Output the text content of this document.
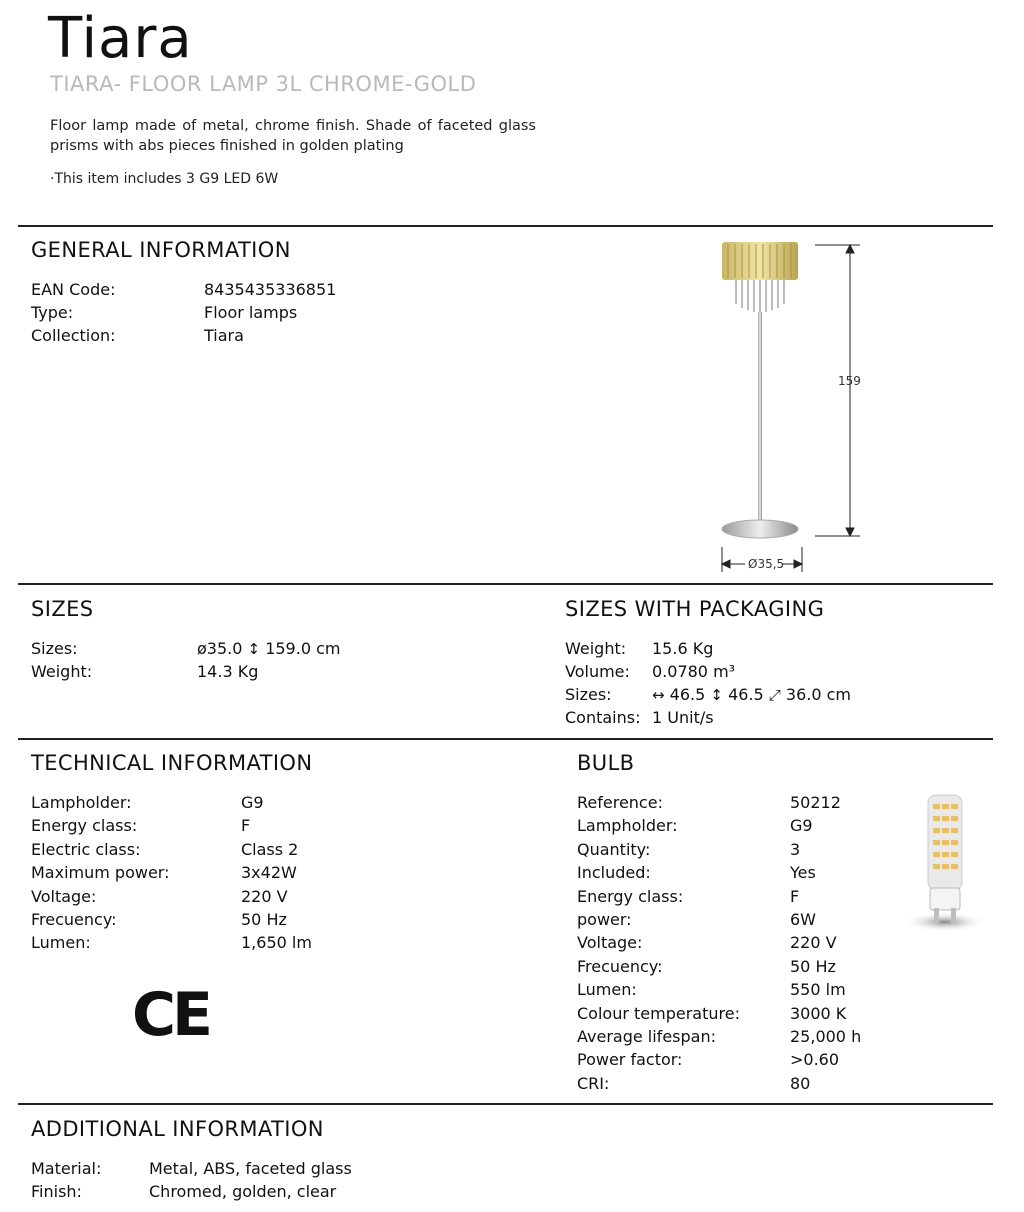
Tiara
TIARA- FLOOR LAMP 3L CHROME-GOLD
Floor lamp made of metal, chrome finish. Shade of faceted glass prisms with abs pieces finished in golden plating
·This item includes 3 G9 LED 6W
GENERAL INFORMATION
EAN Code:	8435435336851
Type:	Floor lamps
Collection:	Tiara
159
Ø35,5
SIZES
Sizes:	ø35.0 ↕ 159.0 cm
Weight:	14.3 Kg
SIZES WITH PACKAGING
Weight: 15.6 Kg
Volume: 0.0780 m³
Sizes:	↔ 46.5 ↕ 46.5 ⤢ 36.0 cm
Contains: 1 Unit/s
TECHNICAL INFORMATION
Lampholder:	G9
Energy class:	F
Electric class:	Class 2
Maximum power:	3x42W
Voltage:	220 V
Frecuency:	50 Hz
Lumen:	1,650 lm
CE
BULB
Reference:	50212
Lampholder:	G9
Quantity:	3
Included:	Yes
Energy class:	F
power:	6W
Voltage:	220 V
Frecuency:	50 Hz
Lumen:	550 lm
Colour temperature:	3000 K
Average lifespan:	25,000 h
Power factor:	>0.60
CRI:	80
ADDITIONAL INFORMATION
Material:	Metal, ABS, faceted glass
Finish:	Chromed, golden, clear
